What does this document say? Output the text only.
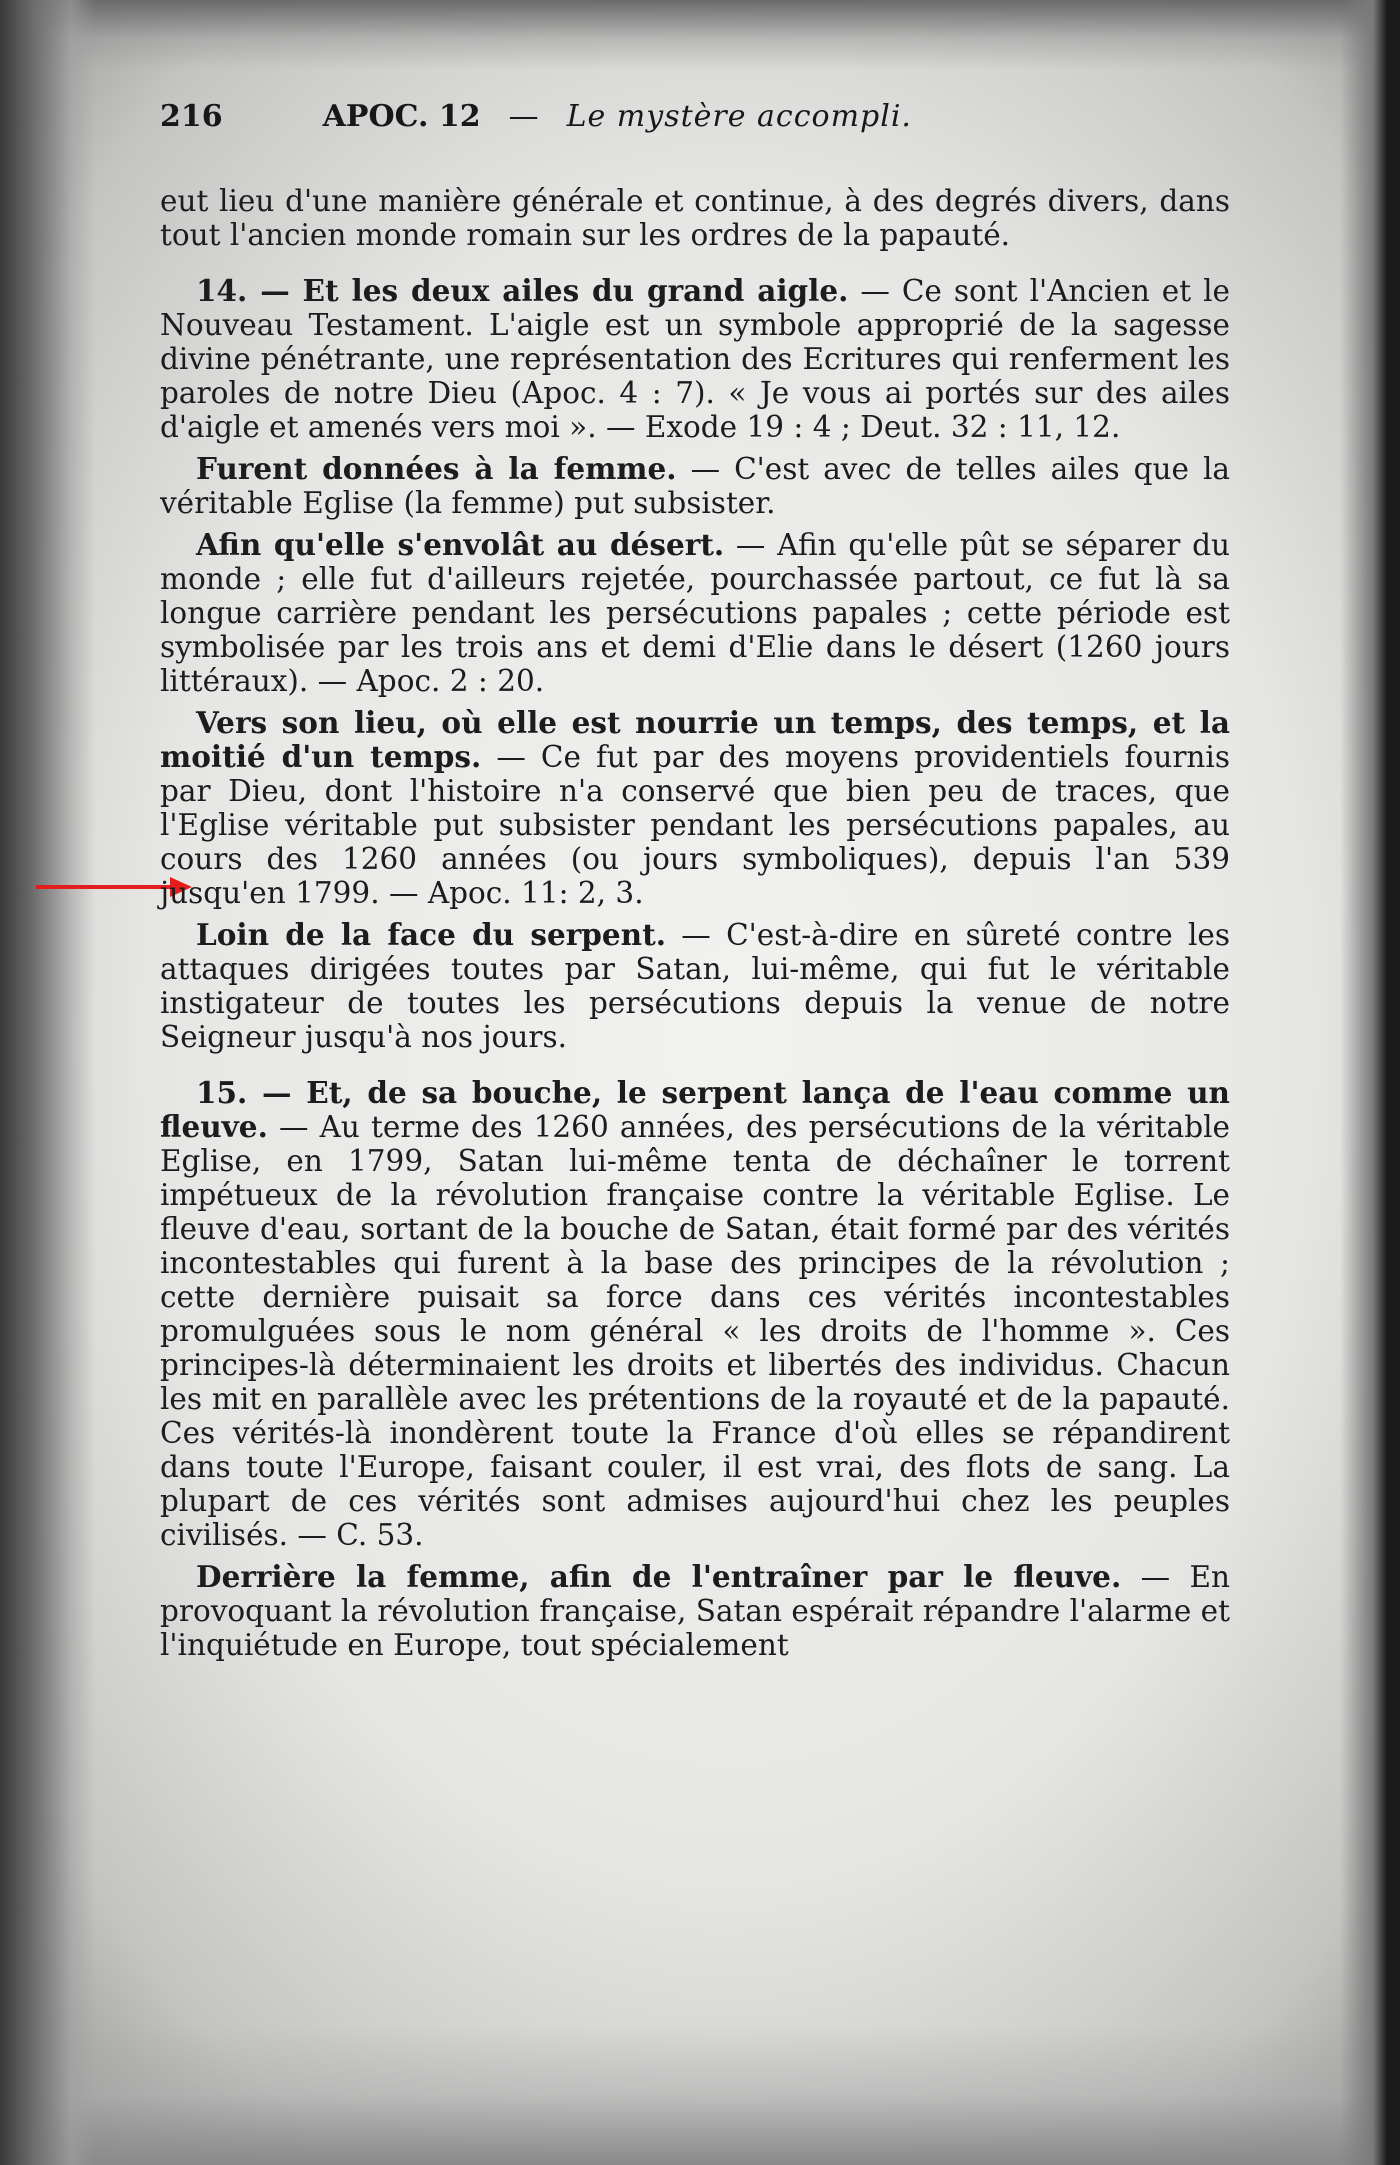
216	APOC. 12 — Le mystère accompli.

eut lieu d'une manière générale et continue, à des degrés divers, dans tout l'ancien monde romain sur les ordres de la papauté.

14. — Et les deux ailes du grand aigle. — Ce sont l'Ancien et le Nouveau Testament. L'aigle est un symbole approprié de la sagesse divine pénétrante, une représentation des Ecritures qui renferment les paroles de notre Dieu (Apoc. 4 : 7). « Je vous ai portés sur des ailes d'aigle et amenés vers moi ». — Exode 19 : 4 ; Deut. 32 : 11, 12.

Furent données à la femme. — C'est avec de telles ailes que la véritable Eglise (la femme) put subsister.

Afin qu'elle s'envolât au désert. — Afin qu'elle pût se séparer du monde ; elle fut d'ailleurs rejetée, pourchassée partout, ce fut là sa longue carrière pendant les persécutions papales ; cette période est symbolisée par les trois ans et demi d'Elie dans le désert (1260 jours littéraux). — Apoc. 2 : 20.

Vers son lieu, où elle est nourrie un temps, des temps, et la moitié d'un temps. — Ce fut par des moyens providentiels fournis par Dieu, dont l'histoire n'a conservé que bien peu de traces, que l'Eglise véritable put subsister pendant les persécutions papales, au cours des 1260 années (ou jours symboliques), depuis l'an 539 jusqu'en 1799. — Apoc. 11: 2, 3.

Loin de la face du serpent. — C'est-à-dire en sûreté contre les attaques dirigées toutes par Satan, lui-même, qui fut le véritable instigateur de toutes les persécutions depuis la venue de notre Seigneur jusqu'à nos jours.

15. — Et, de sa bouche, le serpent lança de l'eau comme un fleuve. — Au terme des 1260 années, des persécutions de la véritable Eglise, en 1799, Satan lui-même tenta de déchaîner le torrent impétueux de la révolution française contre la véritable Eglise. Le fleuve d'eau, sortant de la bouche de Satan, était formé par des vérités incontestables qui furent à la base des principes de la révolution ; cette dernière puisait sa force dans ces vérités incontestables promulguées sous le nom général « les droits de l'homme ». Ces principes-là déterminaient les droits et libertés des individus. Chacun les mit en parallèle avec les prétentions de la royauté et de la papauté. Ces vérités-là inondèrent toute la France d'où elles se répandirent dans toute l'Europe, faisant couler, il est vrai, des flots de sang. La plupart de ces vérités sont admises aujourd'hui chez les peuples civilisés. — C. 53.

Derrière la femme, afin de l'entraîner par le fleuve. — En provoquant la révolution française, Satan espérait répandre l'alarme et l'inquiétude en Europe, tout spécialement
